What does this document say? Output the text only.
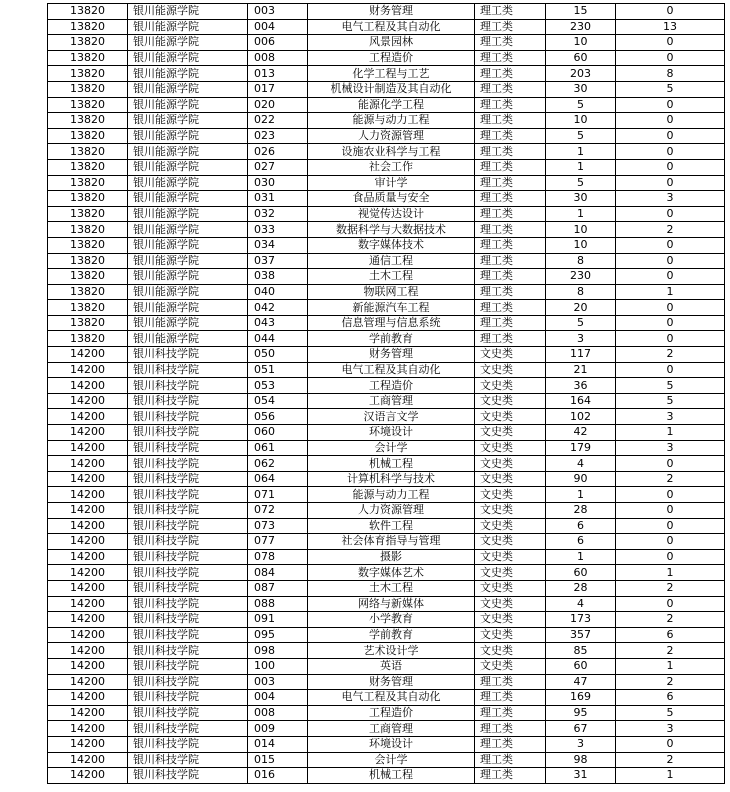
13820	银川能源学院	003	财务管理	理工类	15	0
13820	银川能源学院	004	电气工程及其自动化	理工类	230	13
13820	银川能源学院	006	风景园林	理工类	10	0
13820	银川能源学院	008	工程造价	理工类	60	0
13820	银川能源学院	013	化学工程与工艺	理工类	203	8
13820	银川能源学院	017	机械设计制造及其自动化	理工类	30	5
13820	银川能源学院	020	能源化学工程	理工类	5	0
13820	银川能源学院	022	能源与动力工程	理工类	10	0
13820	银川能源学院	023	人力资源管理	理工类	5	0
13820	银川能源学院	026	设施农业科学与工程	理工类	1	0
13820	银川能源学院	027	社会工作	理工类	1	0
13820	银川能源学院	030	审计学	理工类	5	0
13820	银川能源学院	031	食品质量与安全	理工类	30	3
13820	银川能源学院	032	视觉传达设计	理工类	1	0
13820	银川能源学院	033	数据科学与大数据技术	理工类	10	2
13820	银川能源学院	034	数字媒体技术	理工类	10	0
13820	银川能源学院	037	通信工程	理工类	8	0
13820	银川能源学院	038	土木工程	理工类	230	0
13820	银川能源学院	040	物联网工程	理工类	8	1
13820	银川能源学院	042	新能源汽车工程	理工类	20	0
13820	银川能源学院	043	信息管理与信息系统	理工类	5	0
13820	银川能源学院	044	学前教育	理工类	3	0
14200	银川科技学院	050	财务管理	文史类	117	2
14200	银川科技学院	051	电气工程及其自动化	文史类	21	0
14200	银川科技学院	053	工程造价	文史类	36	5
14200	银川科技学院	054	工商管理	文史类	164	5
14200	银川科技学院	056	汉语言文学	文史类	102	3
14200	银川科技学院	060	环境设计	文史类	42	1
14200	银川科技学院	061	会计学	文史类	179	3
14200	银川科技学院	062	机械工程	文史类	4	0
14200	银川科技学院	064	计算机科学与技术	文史类	90	2
14200	银川科技学院	071	能源与动力工程	文史类	1	0
14200	银川科技学院	072	人力资源管理	文史类	28	0
14200	银川科技学院	073	软件工程	文史类	6	0
14200	银川科技学院	077	社会体育指导与管理	文史类	6	0
14200	银川科技学院	078	摄影	文史类	1	0
14200	银川科技学院	084	数字媒体艺术	文史类	60	1
14200	银川科技学院	087	土木工程	文史类	28	2
14200	银川科技学院	088	网络与新媒体	文史类	4	0
14200	银川科技学院	091	小学教育	文史类	173	2
14200	银川科技学院	095	学前教育	文史类	357	6
14200	银川科技学院	098	艺术设计学	文史类	85	2
14200	银川科技学院	100	英语	文史类	60	1
14200	银川科技学院	003	财务管理	理工类	47	2
14200	银川科技学院	004	电气工程及其自动化	理工类	169	6
14200	银川科技学院	008	工程造价	理工类	95	5
14200	银川科技学院	009	工商管理	理工类	67	3
14200	银川科技学院	014	环境设计	理工类	3	0
14200	银川科技学院	015	会计学	理工类	98	2
14200	银川科技学院	016	机械工程	理工类	31	1
